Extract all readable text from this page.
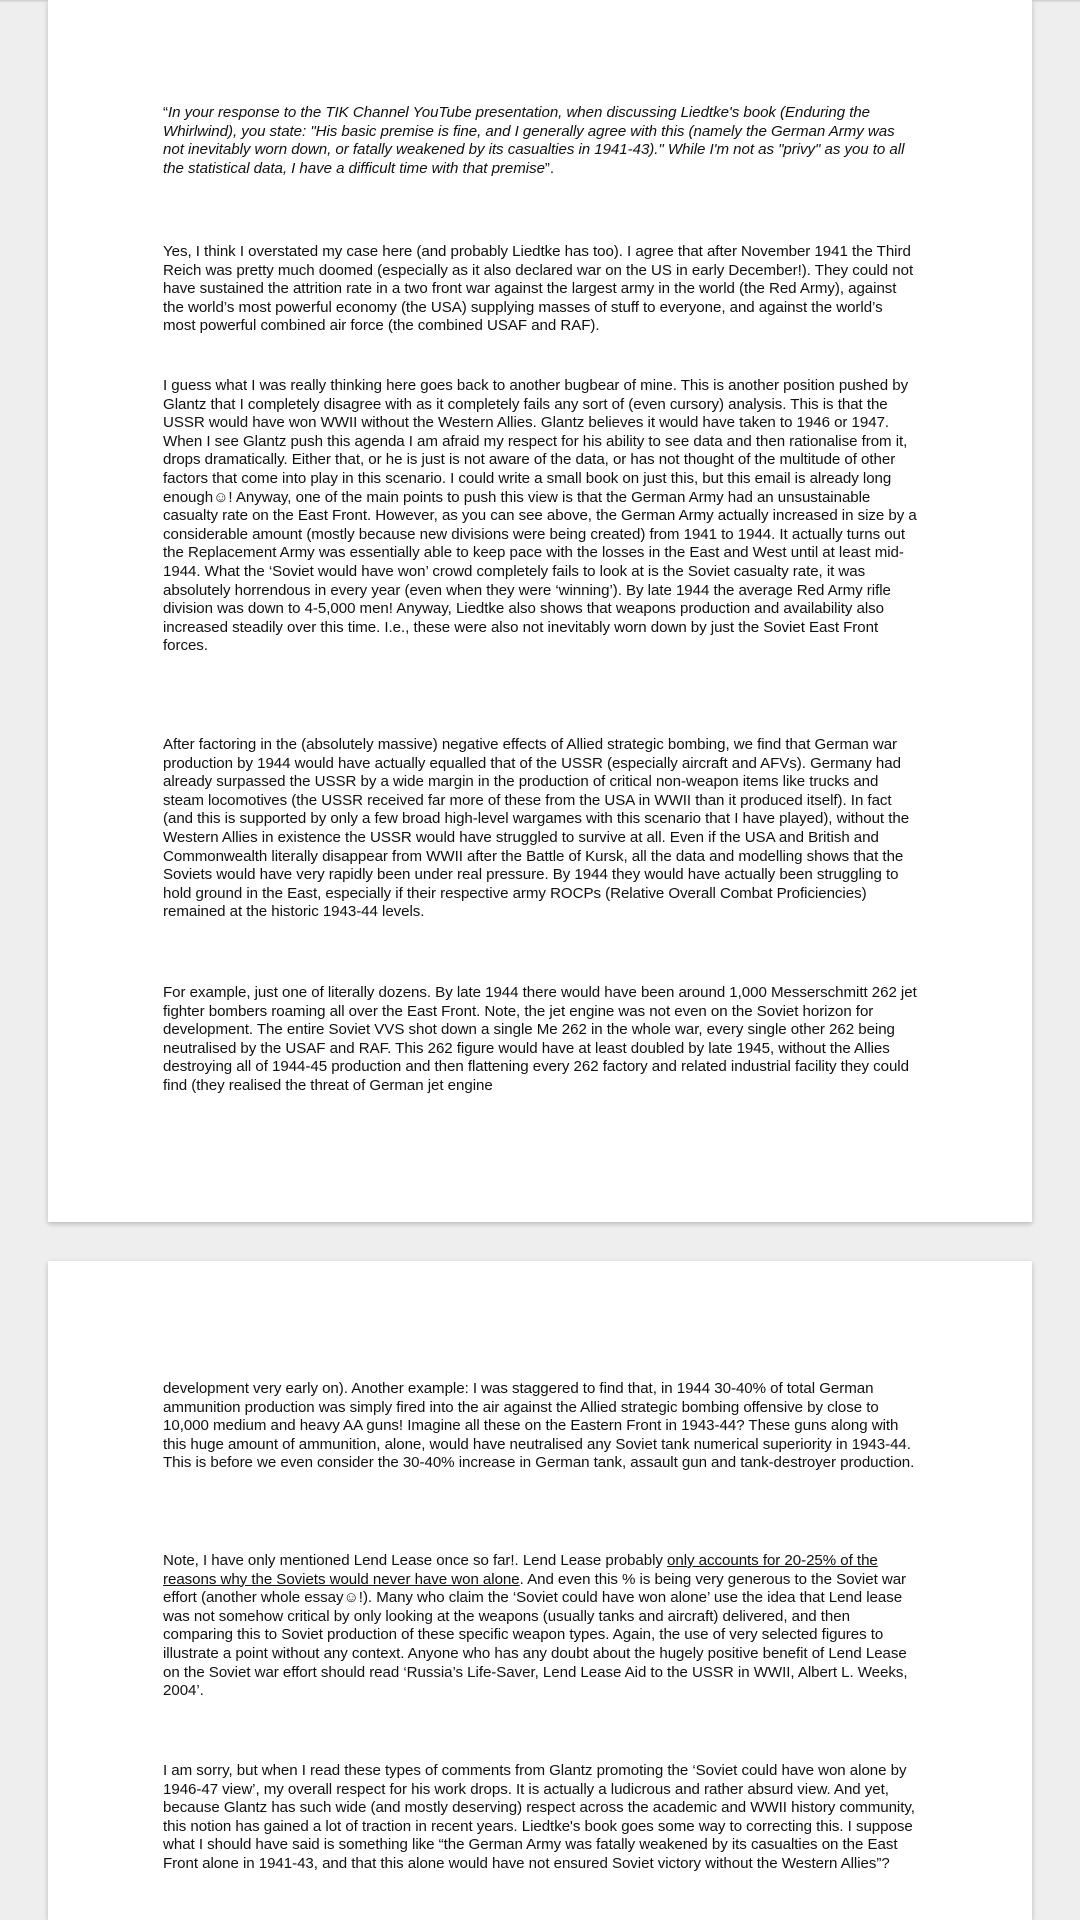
“In your response to the TIK Channel YouTube presentation, when discussing Liedtke's book (Enduring the Whirlwind), you state: "His basic premise is fine, and I generally agree with this (namely the German Army was not inevitably worn down, or fatally weakened by its casualties in 1941-43)." While I'm not as "privy" as you to all the statistical data, I have a difficult time with that premise”.

Yes, I think I overstated my case here (and probably Liedtke has too). I agree that after November 1941 the Third Reich was pretty much doomed (especially as it also declared war on the US in early December!). They could not have sustained the attrition rate in a two front war against the largest army in the world (the Red Army), against the world’s most powerful economy (the USA) supplying masses of stuff to everyone, and against the world’s most powerful combined air force (the combined USAF and RAF).

I guess what I was really thinking here goes back to another bugbear of mine. This is another position pushed by Glantz that I completely disagree with as it completely fails any sort of (even cursory) analysis. This is that the USSR would have won WWII without the Western Allies. Glantz believes it would have taken to 1946 or 1947. When I see Glantz push this agenda I am afraid my respect for his ability to see data and then rationalise from it, drops dramatically. Either that, or he is just is not aware of the data, or has not thought of the multitude of other factors that come into play in this scenario. I could write a small book on just this, but this email is already long enough☺! Anyway, one of the main points to push this view is that the German Army had an unsustainable casualty rate on the East Front. However, as you can see above, the German Army actually increased in size by a considerable amount (mostly because new divisions were being created) from 1941 to 1944. It actually turns out the Replacement Army was essentially able to keep pace with the losses in the East and West until at least mid-1944. What the ‘Soviet would have won’ crowd completely fails to look at is the Soviet casualty rate, it was absolutely horrendous in every year (even when they were ‘winning’). By late 1944 the average Red Army rifle division was down to 4-5,000 men! Anyway, Liedtke also shows that weapons production and availability also increased steadily over this time. I.e., these were also not inevitably worn down by just the Soviet East Front forces.

After factoring in the (absolutely massive) negative effects of Allied strategic bombing, we find that German war production by 1944 would have actually equalled that of the USSR (especially aircraft and AFVs). Germany had already surpassed the USSR by a wide margin in the production of critical non-weapon items like trucks and steam locomotives (the USSR received far more of these from the USA in WWII than it produced itself). In fact (and this is supported by only a few broad high-level wargames with this scenario that I have played), without the Western Allies in existence the USSR would have struggled to survive at all. Even if the USA and British and Commonwealth literally disappear from WWII after the Battle of Kursk, all the data and modelling shows that the Soviets would have very rapidly been under real pressure. By 1944 they would have actually been struggling to hold ground in the East, especially if their respective army ROCPs (Relative Overall Combat Proficiencies) remained at the historic 1943-44 levels.

For example, just one of literally dozens. By late 1944 there would have been around 1,000 Messerschmitt 262 jet fighter bombers roaming all over the East Front. Note, the jet engine was not even on the Soviet horizon for development. The entire Soviet VVS shot down a single Me 262 in the whole war, every single other 262 being neutralised by the USAF and RAF. This 262 figure would have at least doubled by late 1945, without the Allies destroying all of 1944-45 production and then flattening every 262 factory and related industrial facility they could find (they realised the threat of German jet engine

development very early on). Another example: I was staggered to find that, in 1944 30-40% of total German ammunition production was simply fired into the air against the Allied strategic bombing offensive by close to 10,000 medium and heavy AA guns! Imagine all these on the Eastern Front in 1943-44? These guns along with this huge amount of ammunition, alone, would have neutralised any Soviet tank numerical superiority in 1943-44. This is before we even consider the 30-40% increase in German tank, assault gun and tank-destroyer production.

Note, I have only mentioned Lend Lease once so far!. Lend Lease probably only accounts for 20-25% of the reasons why the Soviets would never have won alone. And even this % is being very generous to the Soviet war effort (another whole essay☺!). Many who claim the ‘Soviet could have won alone’ use the idea that Lend lease was not somehow critical by only looking at the weapons (usually tanks and aircraft) delivered, and then comparing this to Soviet production of these specific weapon types. Again, the use of very selected figures to illustrate a point without any context. Anyone who has any doubt about the hugely positive benefit of Lend Lease on the Soviet war effort should read ‘Russia’s Life-Saver, Lend Lease Aid to the USSR in WWII, Albert L. Weeks, 2004’.

I am sorry, but when I read these types of comments from Glantz promoting the ‘Soviet could have won alone by 1946-47 view’, my overall respect for his work drops. It is actually a ludicrous and rather absurd view. And yet, because Glantz has such wide (and mostly deserving) respect across the academic and WWII history community, this notion has gained a lot of traction in recent years. Liedtke's book goes some way to correcting this. I suppose what I should have said is something like “the German Army was fatally weakened by its casualties on the East Front alone in 1941-43, and that this alone would have not ensured Soviet victory without the Western Allies”?
